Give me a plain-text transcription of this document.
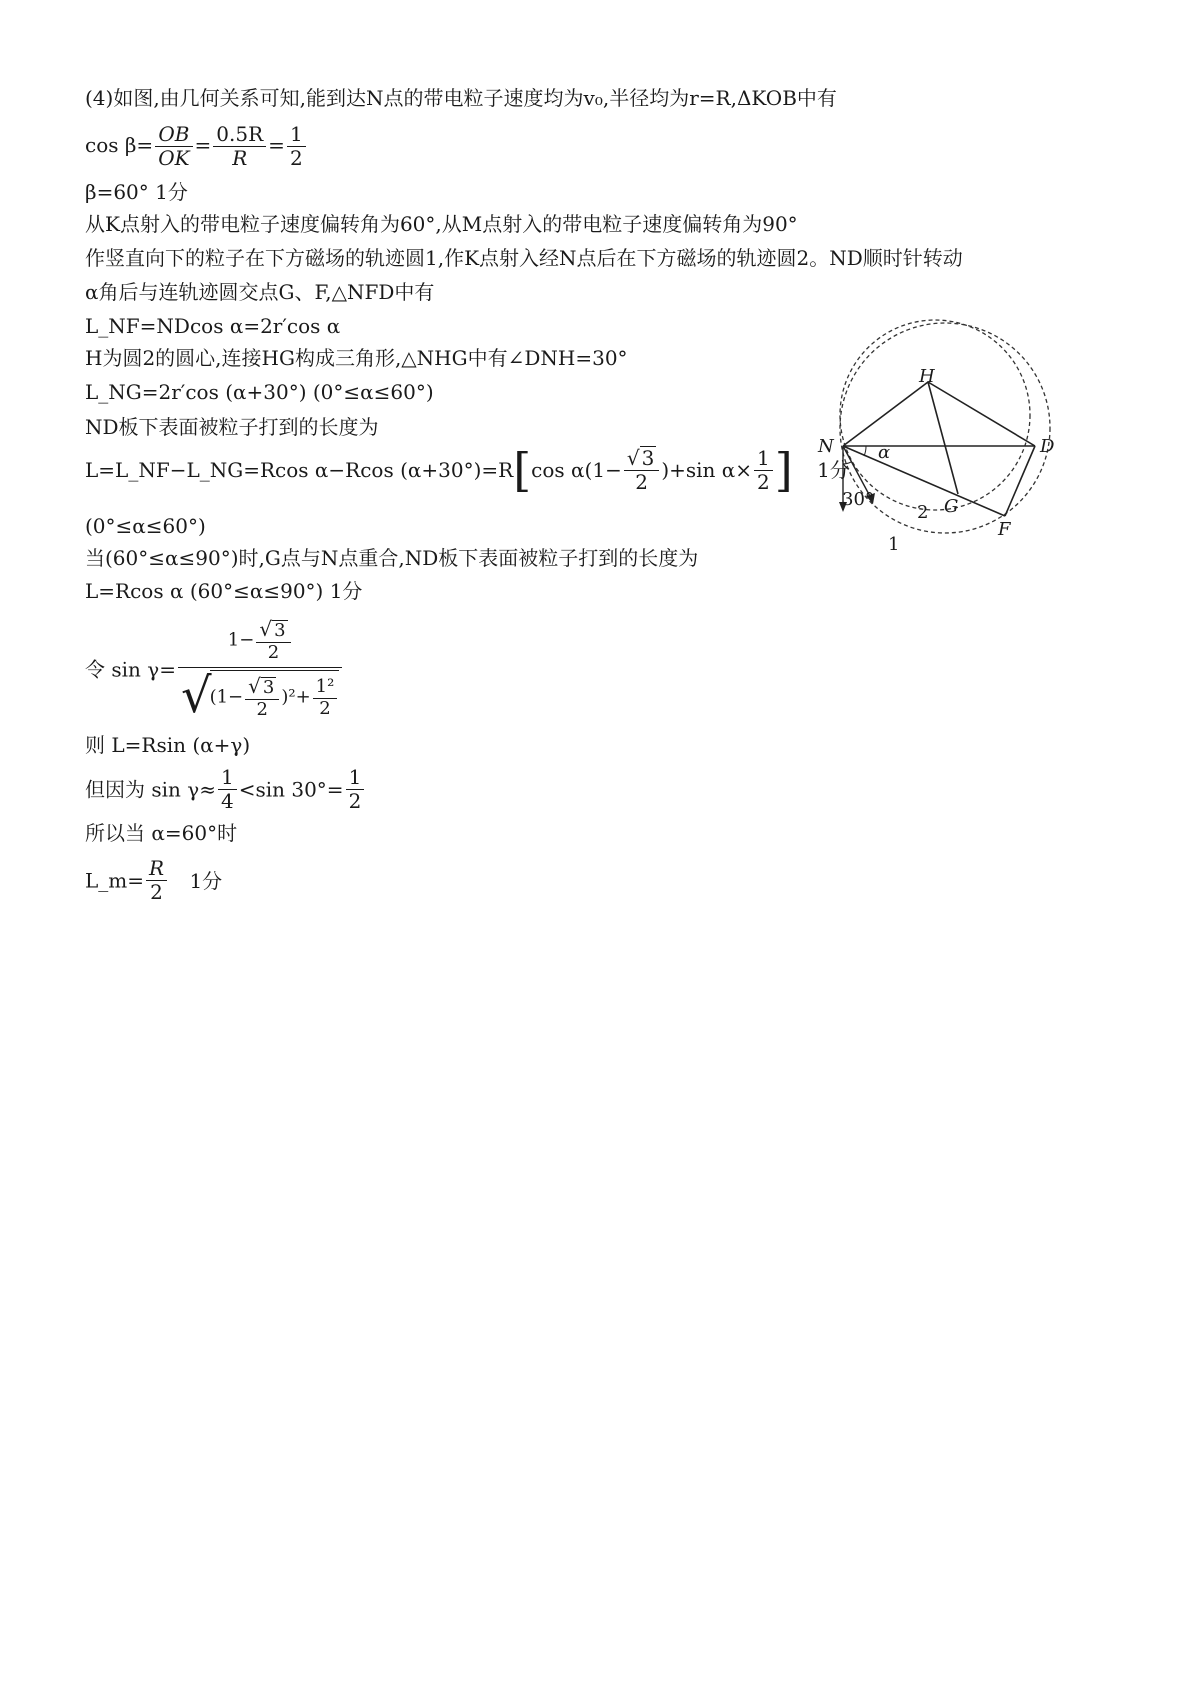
(4)如图,由几何关系可知,能到达N点的带电粒子速度均为v₀,半径均为r=R,ΔKOB中有
$\cos \beta= \frac{OB}{OK} = \frac{0.5R}{R} = \frac{1}{2}$
β=60° 1分
从K点射入的带电粒子速度偏转角为60°,从M点射入的带电粒子速度偏转角为90°
作竖直向下的粒子在下方磁场的轨迹圆1,作K点射入经N点后在下方磁场的轨迹圆2。ND顺时针转动
α角后与连轨迹圆交点G、F,△NFD中有
L_NF=NDcos α=2r′cos α
H为圆2的圆心,连接HG构成三角形,△NHG中有∠DNH=30°
L_NG=2r′cos (α+30°) (0°≤α≤60°)
ND板下表面被粒子打到的长度为
L=L_NF−L_NG=Rcos α−Rcos (α+30°)=R[cos $\alpha(1- \frac{√ 3}{2} )+\sin$ $\alpha\times \frac{1}{2}$ ] 1分
(0°≤α≤60°)
当(60°≤α≤90°)时,G点与N点重合,ND板下表面被粒子打到的长度为
L=Rcos α (60°≤α≤90°) 1分
令 $\sin \gamma= \frac{1- \frac{√ 3}{2}}{√(1- \frac{√ 3}{2} )^2+ \frac{\text{1²}}{2}}$
则 L=Rsin (α+γ)
但因为 $\sin \gamma\approx \frac{1}{4} <\sin$ $30^\circ= \frac{1}{2}$
所以当 α=60°时
L_m= $\frac{R}{2} 1$分
H
N	D
G
F
α
30°
2
1
